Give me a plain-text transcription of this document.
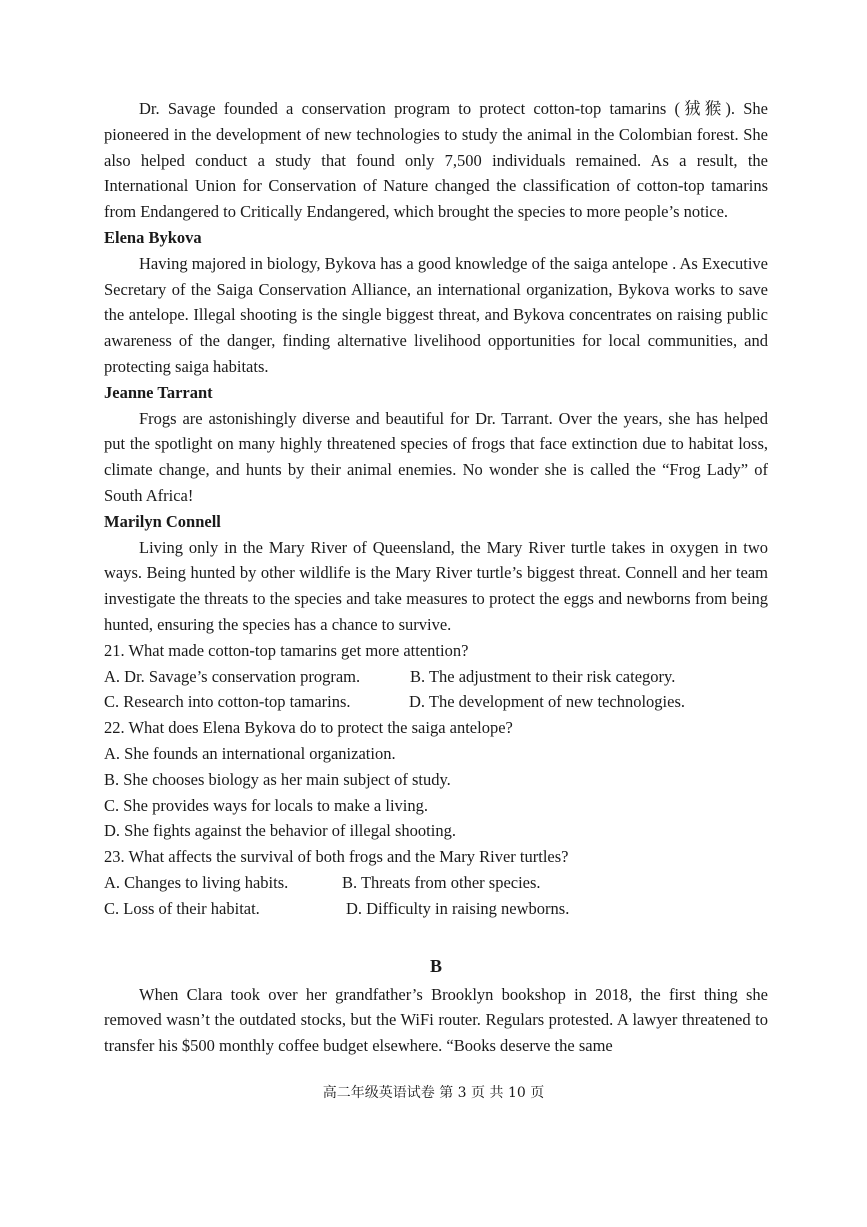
Dr. Savage founded a conservation program to protect cotton-top tamarins (狨猴). She pioneered in the development of new technologies to study the animal in the Colombian forest. She also helped conduct a study that found only 7,500 individuals remained. As a result, the International Union for Conservation of Nature changed the classification of cotton-top tamarins from Endangered to Critically Endangered, which brought the species to more people’s notice.

Elena Bykova

Having majored in biology, Bykova has a good knowledge of the saiga antelope . As Executive Secretary of the Saiga Conservation Alliance, an international organization, Bykova works to save the antelope. Illegal shooting is the single biggest threat, and Bykova concentrates on raising public awareness of the danger, finding alternative livelihood opportunities for local communities, and protecting saiga habitats.

Jeanne Tarrant

Frogs are astonishingly diverse and beautiful for Dr. Tarrant. Over the years, she has helped put the spotlight on many highly threatened species of frogs that face extinction due to habitat loss, climate change, and hunts by their animal enemies. No wonder she is called the “Frog Lady” of South Africa!

Marilyn Connell

Living only in the Mary River of Queensland, the Mary River turtle takes in oxygen in two ways. Being hunted by other wildlife is the Mary River turtle’s biggest threat. Connell and her team investigate the threats to the species and take measures to protect the eggs and newborns from being hunted, ensuring the species has a chance to survive.

21. What made cotton-top tamarins get more attention?

A. Dr. Savage’s conservation program.	B. The adjustment to their risk category.
C. Research into cotton-top tamarins.	D. The development of new technologies.

22. What does Elena Bykova do to protect the saiga antelope?

A. She founds an international organization.

B. She chooses biology as her main subject of study.

C. She provides ways for locals to make a living.

D. She fights against the behavior of illegal shooting.

23. What affects the survival of both frogs and the Mary River turtles?

A. Changes to living habits.	B. Threats from other species.
C. Loss of their habitat.	D. Difficulty in raising newborns.

B

When Clara took over her grandfather’s Brooklyn bookshop in 2018, the first thing she removed wasn’t the outdated stocks, but the WiFi router. Regulars protested. A lawyer threatened to transfer his $500 monthly coffee budget elsewhere. “Books deserve the same

高二年级英语试卷 第 3 页 共 10 页
